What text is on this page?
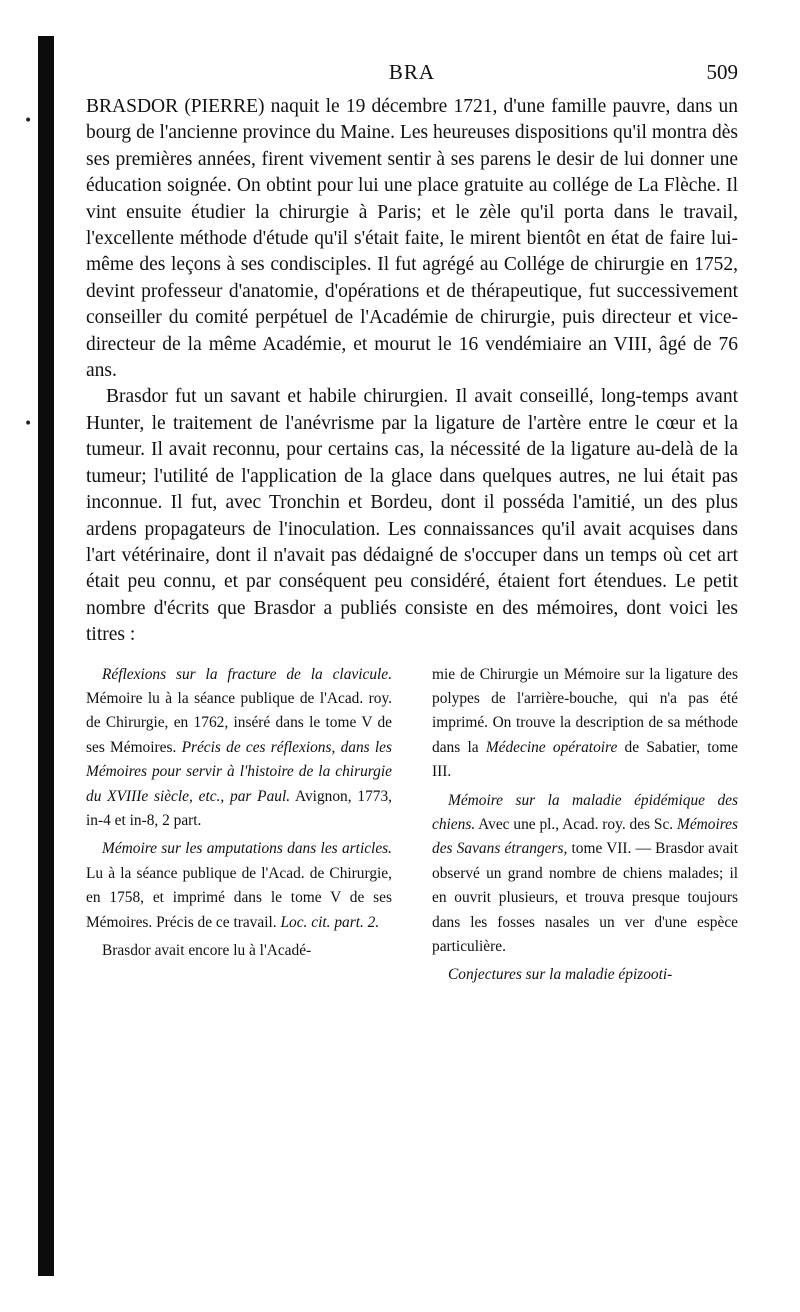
•
•
BRA	509

BRASDOR (PIERRE) naquit le 19 décembre 1721, d'une famille pauvre, dans un bourg de l'ancienne province du Maine. Les heureuses dispositions qu'il montra dès ses premières années, firent vivement sentir à ses parens le desir de lui donner une éducation soignée. On obtint pour lui une place gratuite au collége de La Flèche. Il vint ensuite étudier la chirurgie à Paris; et le zèle qu'il porta dans le travail, l'excellente méthode d'étude qu'il s'était faite, le mirent bientôt en état de faire lui-même des leçons à ses condisciples. Il fut agrégé au Collége de chirurgie en 1752, devint professeur d'anatomie, d'opérations et de thérapeutique, fut successivement conseiller du comité perpétuel de l'Académie de chirurgie, puis directeur et vice-directeur de la même Académie, et mourut le 16 vendémiaire an VIII, âgé de 76 ans.

Brasdor fut un savant et habile chirurgien. Il avait conseillé, long-temps avant Hunter, le traitement de l'anévrisme par la ligature de l'artère entre le cœur et la tumeur. Il avait reconnu, pour certains cas, la nécessité de la ligature au-delà de la tumeur; l'utilité de l'application de la glace dans quelques autres, ne lui était pas inconnue. Il fut, avec Tronchin et Bordeu, dont il posséda l'amitié, un des plus ardens propagateurs de l'inoculation. Les connaissances qu'il avait acquises dans l'art vétérinaire, dont il n'avait pas dédaigné de s'occuper dans un temps où cet art était peu connu, et par conséquent peu considéré, étaient fort étendues. Le petit nombre d'écrits que Brasdor a publiés consiste en des mémoires, dont voici les titres :

Réflexions sur la fracture de la clavicule. Mémoire lu à la séance publique de l'Acad. roy. de Chirurgie, en 1762, inséré dans le tome V de ses Mémoires. Précis de ces réflexions, dans les Mémoires pour servir à l'histoire de la chirurgie du XVIIIe siècle, etc., par Paul. Avignon, 1773, in-4 et in-8, 2 part.

Mémoire sur les amputations dans les articles. Lu à la séance publique de l'Acad. de Chirurgie, en 1758, et imprimé dans le tome V de ses Mémoires. Précis de ce travail. Loc. cit. part. 2.

Brasdor avait encore lu à l'Acadé-

mie de Chirurgie un Mémoire sur la ligature des polypes de l'arrière-bouche, qui n'a pas été imprimé. On trouve la description de sa méthode dans la Médecine opératoire de Sabatier, tome III.

Mémoire sur la maladie épidémique des chiens. Avec une pl., Acad. roy. des Sc. Mémoires des Savans étrangers, tome VII. — Brasdor avait observé un grand nombre de chiens malades; il en ouvrit plusieurs, et trouva presque toujours dans les fosses nasales un ver d'une espèce particulière.

Conjectures sur la maladie épizooti-
